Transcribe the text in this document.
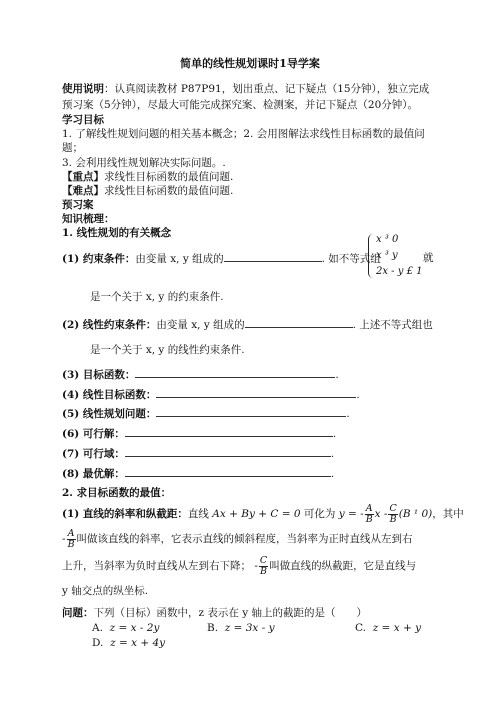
简单的线性规划课时1导学案
使用说明：认真阅读教材 P87P91，划出重点、记下疑点（15分钟），独立完成
预习案（5分钟），尽最大可能完成探究案、检测案，并记下疑点（20分钟）。
学习目标
1. 了解线性规划问题的相关基本概念；2. 会用图解法求线性目标函数的最值问
题；
3. 会利用线性规划解决实际问题。.
【重点】求线性目标函数的最值问题.
【难点】求线性目标函数的最值问题.
预习案
知识梳理：
1. 线性规划的有关概念
(1) 约束条件：由变量 x, y 组成的	. 如不等式组
x ³ 0
x ³ y
2x - y £ 1
就
是一个关于 x, y 的约束条件.
(2) 线性约束条件：由变量 x, y 组成的	. 上述不等式组也
是一个关于 x, y 的线性约束条件.
(3) 目标函数：	.
(4) 线性目标函数：	.
(5) 线性规划问题：	.
(6) 可行解：	.
(7) 可行域：	.
(8) 最优解：	.
2. 求目标函数的最值：
(1) 直线的斜率和纵截距：直线 Ax + By + C = 0 可化为 y = - $\frac{A}{B}$ x - $\frac{C}{B} (B$ ¹ 0)，其中
- $\frac{A}{B}$ 叫做该直线的斜率，它表示直线的倾斜程度，当斜率为正时直线从左到右
上升，当斜率为负时直线从左到右下降； - $\frac{C}{B}$ 叫做直线的纵截距，它是直线与
y 轴交点的纵坐标.
问题：下列（目标）函数中，z 表示在 y 轴上的截距的是（　　）
A. z = x - 2y	B. z = 3x - y	C. z = x + y
D. z = x + 4y
